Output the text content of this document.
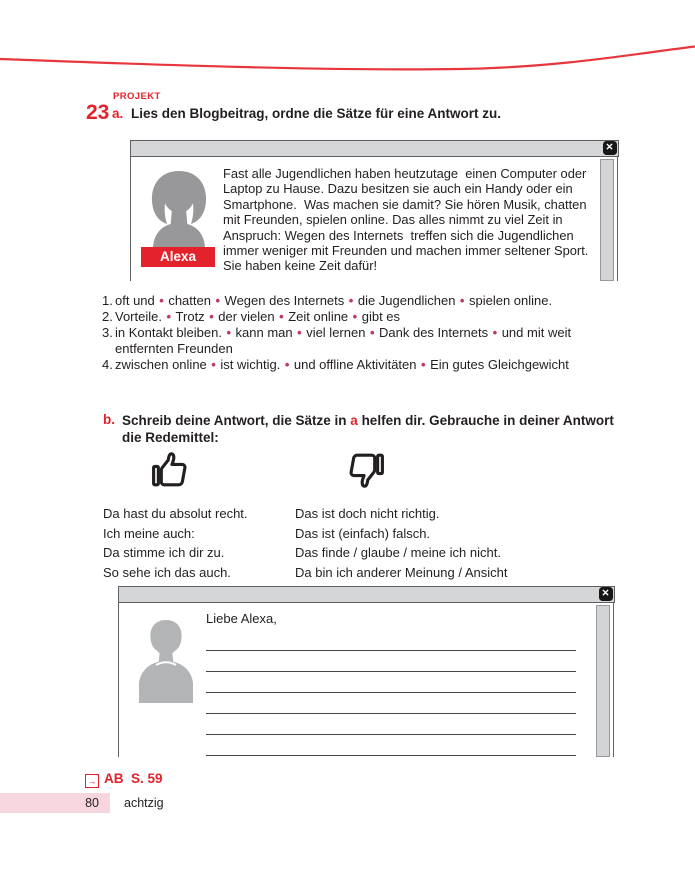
PROJEKT
23 a. Lies den Blogbeitrag, ordne die Sätze für eine Antwort zu.
✕
Alexa
Fast alle Jugendlichen haben heutzutage  einen Computer oder Laptop zu Hause. Dazu besitzen sie auch ein Handy oder ein Smartphone.  Was machen sie damit? Sie hören Musik, chatten mit Freunden, spielen online. Das alles nimmt zu viel Zeit in Anspruch: Wegen des Internets  treffen sich die Jugendlichen immer weniger mit Freunden und machen immer seltener Sport. Sie haben keine Zeit dafür!
1. oft und • chatten • Wegen des Internets • die Jugendlichen • spielen online.
2. Vorteile. • Trotz • der vielen • Zeit online • gibt es
3. in Kontakt bleiben. • kann man • viel lernen • Dank des Internets • und mit weit entfernten Freunden
4. zwischen online • ist wichtig. • und offline Aktivitäten • Ein gutes Gleichgewicht
b. Schreib deine Antwort, die Sätze in a helfen dir. Gebrauche in deiner Antwort die Redemittel:
Da hast du absolut recht.
Ich meine auch:
Da stimme ich dir zu.
So sehe ich das auch.
Das ist doch nicht richtig.
Das ist (einfach) falsch.
Das finde / glaube / meine ich nicht.
Da bin ich anderer Meinung / Ansicht
✕
Liebe Alexa,
→ AB  S. 59
80 achtzig
